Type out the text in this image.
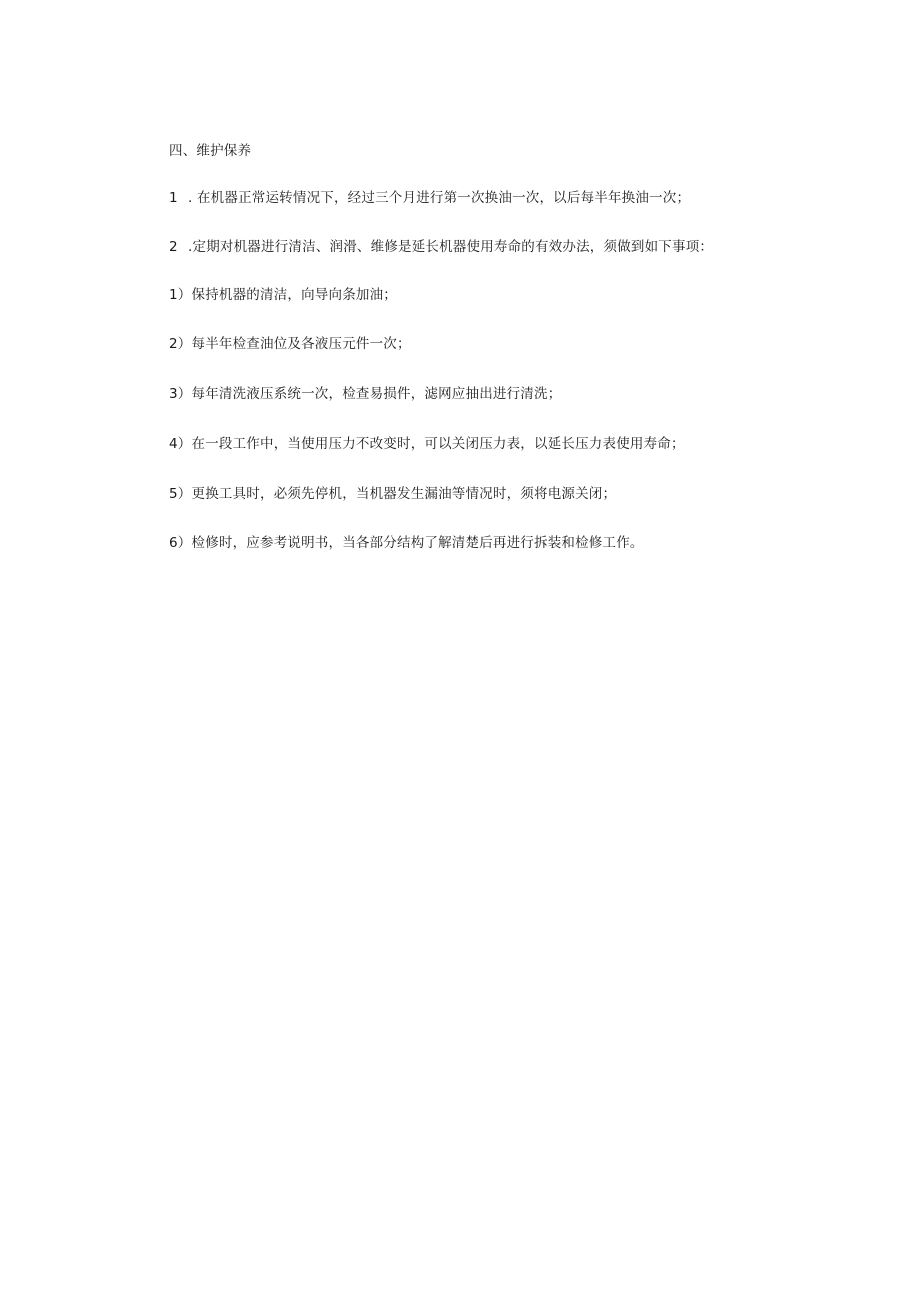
四、维护保养
1 . 在机器正常运转情况下，经过三个月进行第一次换油一次，以后每半年换油一次；
2 .定期对机器进行清洁、润滑、维修是延长机器使用寿命的有效办法，须做到如下事项：
1）保持机器的清洁，向导向条加油；
2）每半年检查油位及各液压元件一次；
3）每年清洗液压系统一次，检查易损件，滤网应抽出进行清洗；
4）在一段工作中，当使用压力不改变时，可以关闭压力表，以延长压力表使用寿命；
5）更换工具时，必须先停机，当机器发生漏油等情况时，须将电源关闭；
6）检修时，应参考说明书，当各部分结构了解清楚后再进行拆装和检修工作。
